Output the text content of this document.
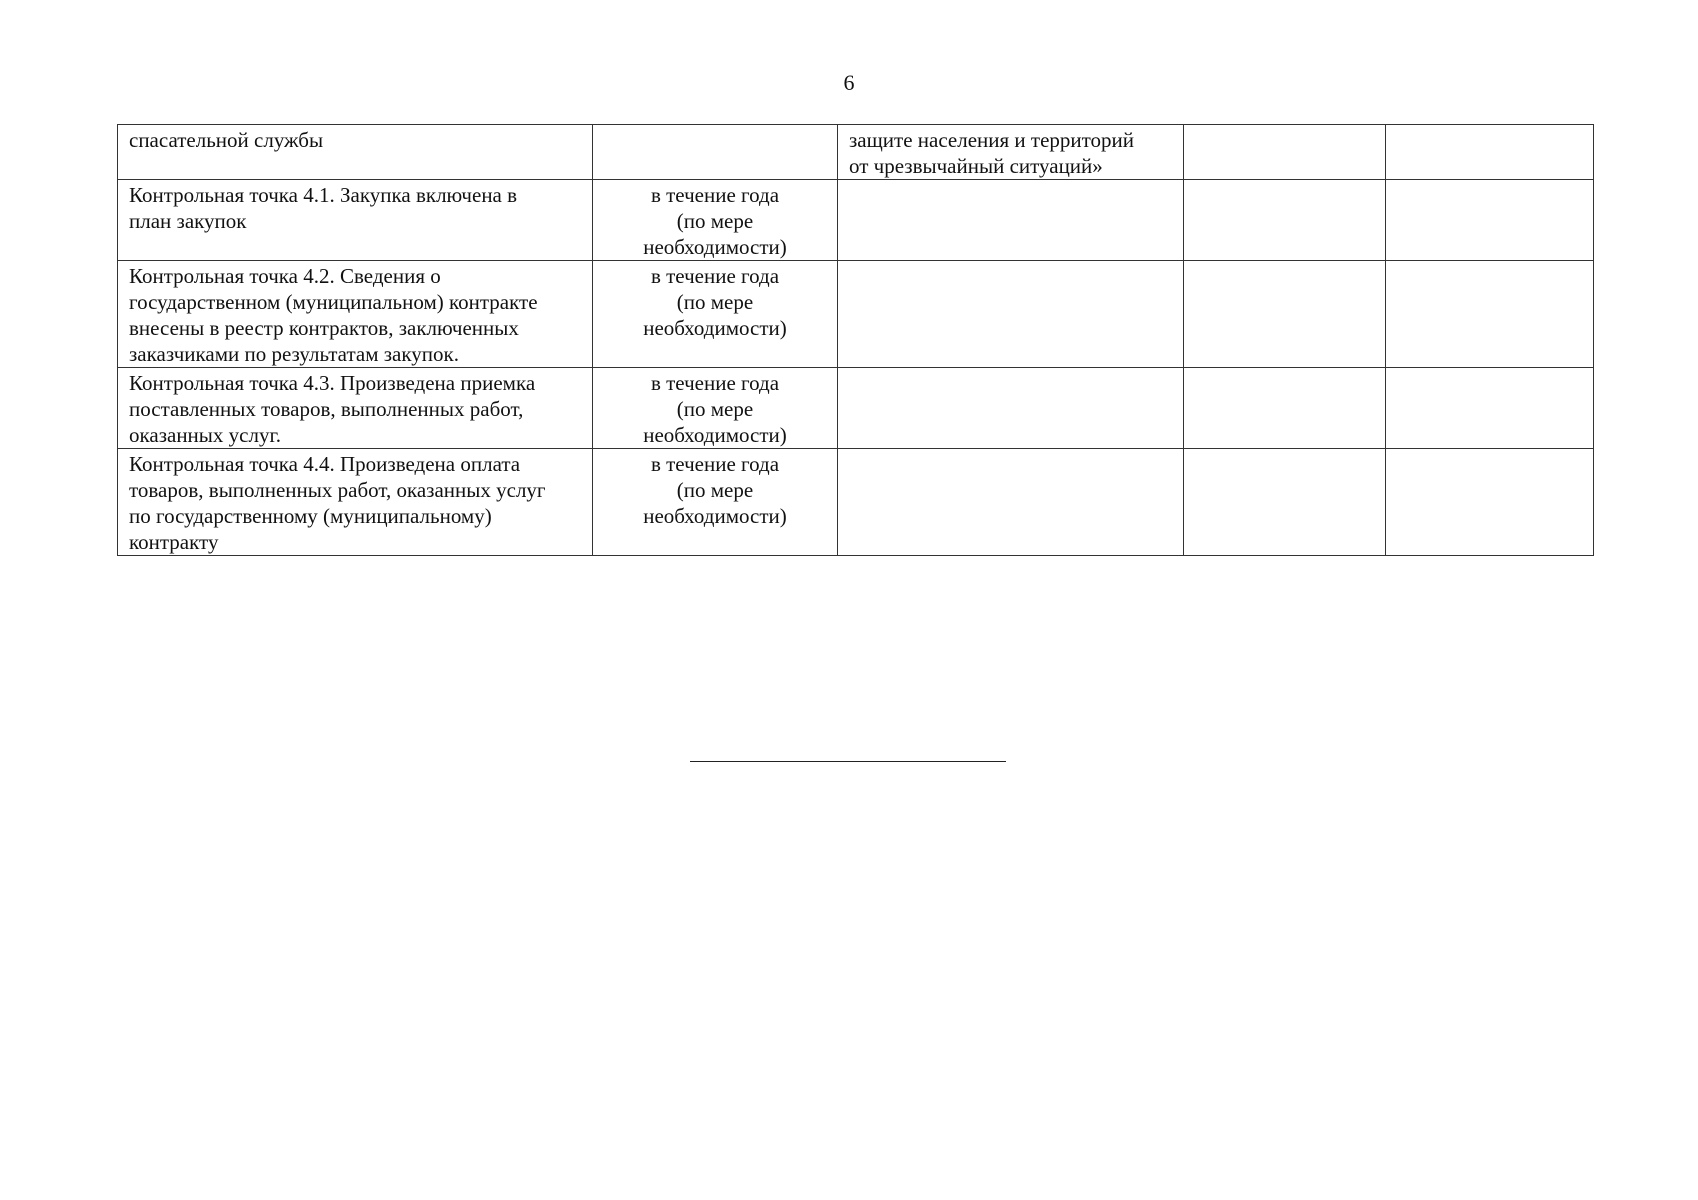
6
спасательной службы		защите населения и территорий
от чрезвычайный ситуаций»		

Контрольная точка 4.1. Закупка включена в
план закупок	в течение года
(по мере
необходимости)			

Контрольная точка 4.2. Сведения о
государственном (муниципальном) контракте
внесены в реестр контрактов, заключенных
заказчиками по результатам закупок.	в течение года
(по мере
необходимости)			

Контрольная точка 4.3. Произведена приемка
поставленных товаров, выполненных работ,
оказанных услуг.	в течение года
(по мере
необходимости)			

Контрольная точка 4.4. Произведена оплата
товаров, выполненных работ, оказанных услуг
по государственному (муниципальному)
контракту	в течение года
(по мере
необходимости)			
